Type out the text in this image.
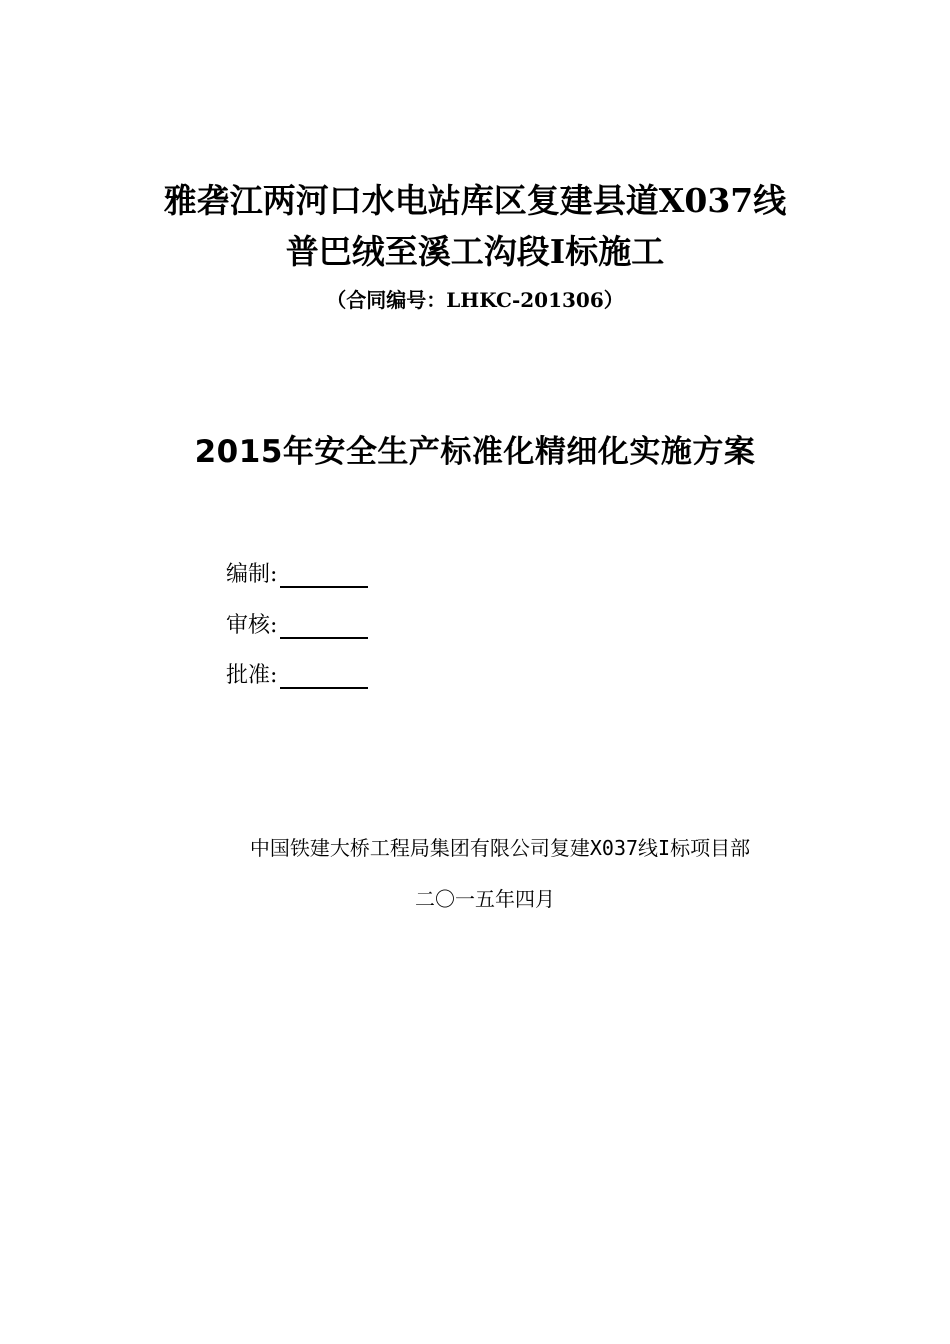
雅砻江两河口水电站库区复建县道X037线
普巴绒至溪工沟段I标施工
（合同编号：LHKC-201306）
2015年安全生产标准化精细化实施方案
编制:
审核:
批准:
中国铁建大桥工程局集团有限公司复建X037线I标项目部
二〇一五年四月
